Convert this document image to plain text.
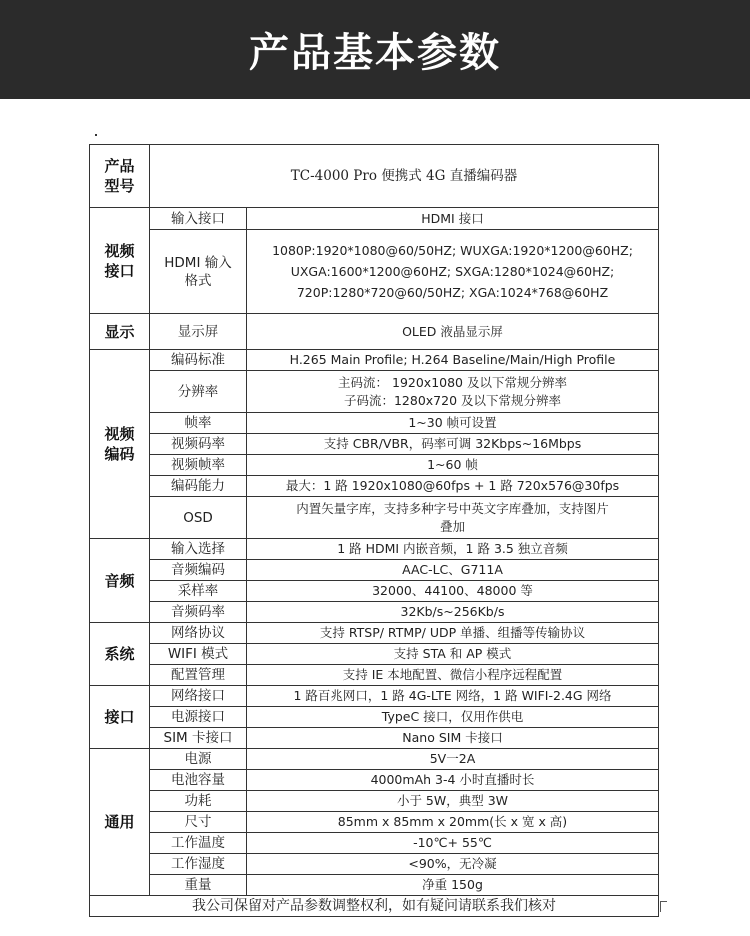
产品基本参数
产品
型号	TC-4000 Pro 便携式 4G 直播编码器	

视频
接口	输入接口	HDMI 接口

	HDMI 输入
格式	1080P:1920*1080@60/50HZ; WUXGA:1920*1200@60HZ;
UXGA:1600*1200@60HZ; SXGA:1280*1024@60HZ;
720P:1280*720@60/50HZ; XGA:1024*768@60HZ

显示	显示屏	OLED 液晶显示屏

视频
编码	编码标准	H.265 Main Profile; H.264 Baseline/Main/High Profile
	分辨率	主码流： 1920x1080 及以下常规分辨率
子码流：1280x720 及以下常规分辨率

	帧率	1~30 帧可设置
	视频码率	支持 CBR/VBR，码率可调 32Kbps~16Mbps
	视频帧率	1~60 帧
	编码能力	最大：1 路 1920x1080@60fps + 1 路 720x576@30fps
	OSD	内置矢量字库，支持多种字号中英文字库叠加，支持图片
叠加

音频	输入选择	1 路 HDMI 内嵌音频，1 路 3.5 独立音频
	音频编码	AAC-LC、G711A
	采样率	32000、44100、48000 等
	音频码率	32Kb/s~256Kb/s
系统	网络协议	支持 RTSP/ RTMP/ UDP 单播、组播等传输协议
	WIFI 模式	支持 STA 和 AP 模式
	配置管理	支持 IE 本地配置、微信小程序远程配置
接口	网络接口	1 路百兆网口，1 路 4G-LTE 网络，1 路 WIFI-2.4G 网络
	电源接口	TypeC 接口，仅用作供电
	SIM 卡接口	Nano SIM 卡接口
通用	电源	5V一2A
	电池容量	4000mAh 3-4 小时直播时长
	功耗	小于 5W，典型 3W
	尺寸	85mm x 85mm x 20mm(长 x 宽 x 高)
	工作温度	-10℃+ 55℃
	工作湿度	<90%，无冷凝
	重量	净重 150g
我公司保留对产品参数调整权利，如有疑问请联系我们核对		
